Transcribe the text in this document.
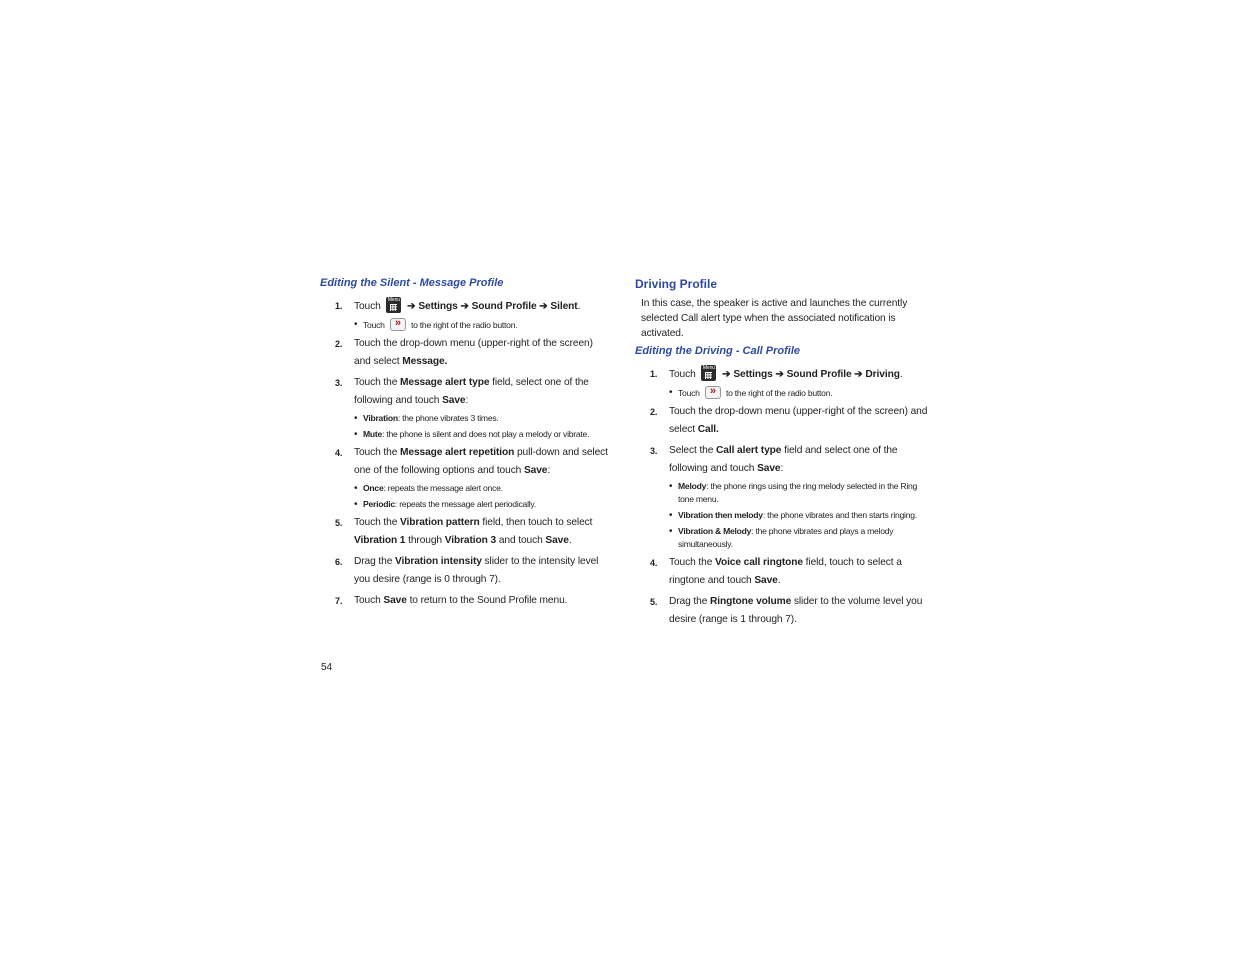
Editing the Silent - Message Profile
1. Touch
Menu
➔ Settings ➔ Sound Profile ➔ Silent.
• Touch »	to the right of the radio button.
2. Touch the drop-down menu (upper-right of the screen) and select Message.
3. Touch the Message alert type field, select one of the following and touch Save:
• Vibration: the phone vibrates 3 times.
• Mute: the phone is silent and does not play a melody or vibrate.
4. Touch the Message alert repetition pull-down and select one of the following options and touch Save:
• Once: repeats the message alert once.
• Periodic: repeats the message alert periodically.
5. Touch the Vibration pattern field, then touch to select Vibration 1 through Vibration 3 and touch Save.
6. Drag the Vibration intensity slider to the intensity level you desire (range is 0 through 7).
7. Touch Save to return to the Sound Profile menu.
Driving Profile

In this case, the speaker is active and launches the currently selected Call alert type when the associated notification is activated.

Editing the Driving - Call Profile
1. Touch
Menu
➔ Settings ➔ Sound Profile ➔ Driving.
• Touch »	to the right of the radio button.
2. Touch the drop-down menu (upper-right of the screen) and select Call.
3. Select the Call alert type field and select one of the following and touch Save:
• Melody: the phone rings using the ring melody selected in the Ring tone menu.
• Vibration then melody: the phone vibrates and then starts ringing.
• Vibration & Melody: the phone vibrates and plays a melody simultaneously.
4. Touch the Voice call ringtone field, touch to select a ringtone and touch Save.
5. Drag the Ringtone volume slider to the volume level you desire (range is 1 through 7).
54
